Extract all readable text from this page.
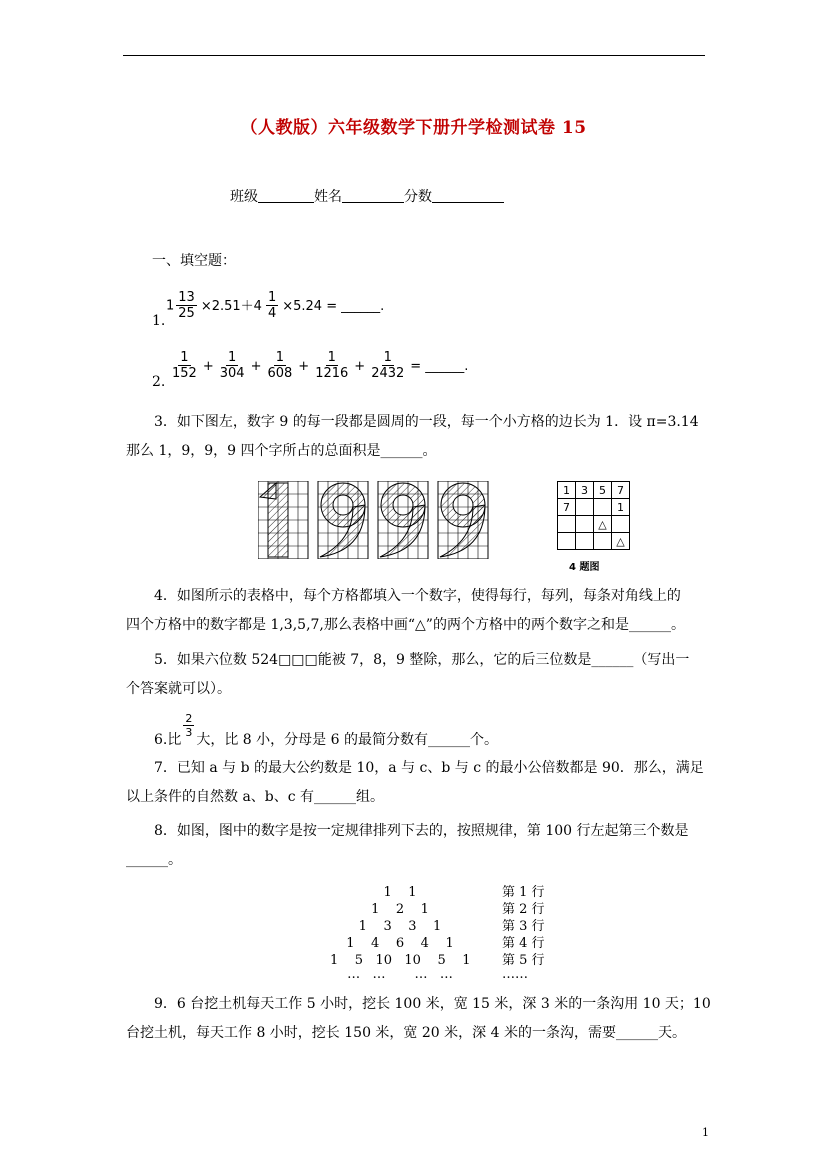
（人教版）六年级数学下册升学检测试卷 15
班级	姓名	分数
一、填空题：
1.
$1 \frac{13}{25} \times 2.51+4 \frac{1}{4} \times 5.24$ = ______.
2.
$\frac{1}{152} + \frac{1}{304} + \frac{1}{608} + \frac{1}{1216} + \frac{1}{2432}$ = ______.
3．如下图左，数字 9 的每一段都是圆周的一段，每一个小方格的边长为 1．设 π=3.14
那么 1，9，9，9 四个字所占的总面积是______。
1	3	5	7
7			1
		△	
			△
4 题图
4．如图所示的表格中，每个方格都填入一个数字，使得每行，每列，每条对角线上的
四个方格中的数字都是 1,3,5,7,那么表格中画“△”的两个方格中的两个数字之和是______。
5．如果六位数 524□□□能被 7，8，9 整除，那么，它的后三位数是______（写出一
个答案就可以）。
6.比
$\frac{2}{3}$
大，比 8 小，分母是 6 的最简分数有______个。
7．已知 a 与 b 的最大公约数是 10，a 与 c、b 与 c 的最小公倍数都是 90．那么，满足
以上条件的自然数 a、b、c 有______组。
8．如图，图中的数字是按一定规律排列下去的，按照规律，第 100 行左起第三个数是
______。
1    1
1    2    1
1    3    3    1
1    4    6    4    1
1    5   10   10    5    1
…   …       …   …
第 1 行
第 2 行
第 3 行
第 4 行
第 5 行
……
9．6 台挖土机每天工作 5 小时，挖长 100 米，宽 15 米，深 3 米的一条沟用 10 天；10
台挖土机，每天工作 8 小时，挖长 150 米，宽 20 米，深 4 米的一条沟，需要______天。
1
